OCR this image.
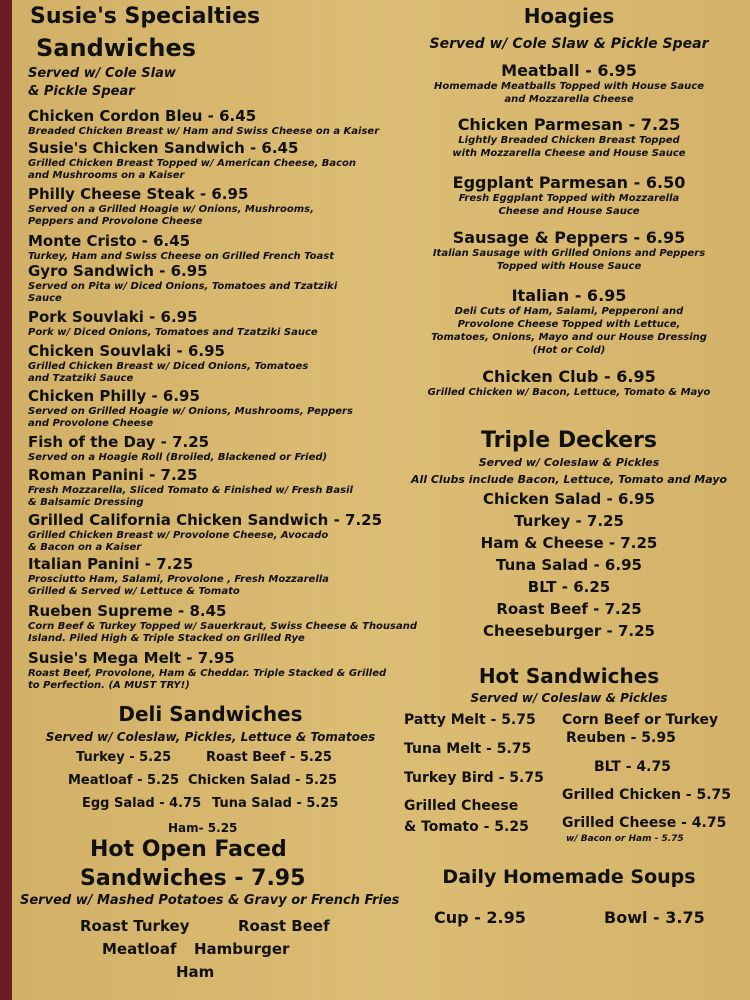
Susie's Specialties
Sandwiches
Served w/ Cole Slaw
& Pickle Spear
Chicken Cordon Bleu - 6.45
Breaded Chicken Breast w/ Ham and Swiss Cheese on a Kaiser
Susie's Chicken Sandwich - 6.45
Grilled Chicken Breast Topped w/ American Cheese, Bacon
and Mushrooms on a Kaiser
Philly Cheese Steak - 6.95
Served on a Grilled Hoagie w/ Onions, Mushrooms,
Peppers and Provolone Cheese
Monte Cristo - 6.45
Turkey, Ham and Swiss Cheese on Grilled French Toast
Gyro Sandwich - 6.95
Served on Pita w/ Diced Onions, Tomatoes and Tzatziki
Sauce
Pork Souvlaki - 6.95
Pork w/ Diced Onions, Tomatoes and Tzatziki Sauce
Chicken Souvlaki - 6.95
Grilled Chicken Breast w/ Diced Onions, Tomatoes
and Tzatziki Sauce
Chicken Philly - 6.95
Served on Grilled Hoagie w/ Onions, Mushrooms, Peppers
and Provolone Cheese
Fish of the Day - 7.25
Served on a Hoagie Roll (Broiled, Blackened or Fried)
Roman Panini - 7.25
Fresh Mozzarella, Sliced Tomato & Finished w/ Fresh Basil
& Balsamic Dressing
Grilled California Chicken Sandwich - 7.25
Grilled Chicken Breast w/ Provolone Cheese, Avocado
& Bacon on a Kaiser
Italian Panini - 7.25
Prosciutto Ham, Salami, Provolone , Fresh Mozzarella
Grilled & Served w/ Lettuce & Tomato
Rueben Supreme - 8.45
Corn Beef & Turkey Topped w/ Sauerkraut, Swiss Cheese & Thousand
Island. Piled High & Triple Stacked on Grilled Rye
Susie's Mega Melt - 7.95
Roast Beef, Provolone, Ham & Cheddar. Triple Stacked & Grilled
to Perfection. (A MUST TRY!)
Deli Sandwiches
Served w/ Coleslaw, Pickles, Lettuce & Tomatoes
Turkey - 5.25	Roast Beef - 5.25
Meatloaf - 5.25 Chicken Salad - 5.25
Egg Salad - 4.75 Tuna Salad - 5.25
Ham- 5.25
Hot Open Faced
Sandwiches - 7.95
Served w/ Mashed Potatoes & Gravy or French Fries
Roast Turkey	Roast Beef
Meatloaf Hamburger
Ham
Hoagies
Served w/ Cole Slaw & Pickle Spear
Meatball - 6.95
Homemade Meatballs Topped with House Sauce
and Mozzarella Cheese
Chicken Parmesan - 7.25
Lightly Breaded Chicken Breast Topped
with Mozzarella Cheese and House Sauce
Eggplant Parmesan - 6.50
Fresh Eggplant Topped with Mozzarella
Cheese and House Sauce
Sausage & Peppers - 6.95
Italian Sausage with Grilled Onions and Peppers
Topped with House Sauce
Italian - 6.95
Deli Cuts of Ham, Salami, Pepperoni and
Provolone Cheese Topped with Lettuce,
Tomatoes, Onions, Mayo and our House Dressing
(Hot or Cold)
Chicken Club - 6.95
Grilled Chicken w/ Bacon, Lettuce, Tomato & Mayo
Triple Deckers
Served w/ Coleslaw & Pickles
All Clubs include Bacon, Lettuce, Tomato and Mayo
Chicken Salad - 6.95
Turkey - 7.25
Ham & Cheese - 7.25
Tuna Salad - 6.95
BLT - 6.25
Roast Beef - 7.25
Cheeseburger - 7.25
Hot Sandwiches
Served w/ Coleslaw & Pickles
Patty Melt - 5.75
Tuna Melt - 5.75
Turkey Bird - 5.75
Grilled Cheese
& Tomato - 5.25
Corn Beef or Turkey
Reuben - 5.95
BLT - 4.75
Grilled Chicken - 5.75
Grilled Cheese - 4.75
w/ Bacon or Ham - 5.75
Daily Homemade Soups
Cup - 2.95	Bowl - 3.75
